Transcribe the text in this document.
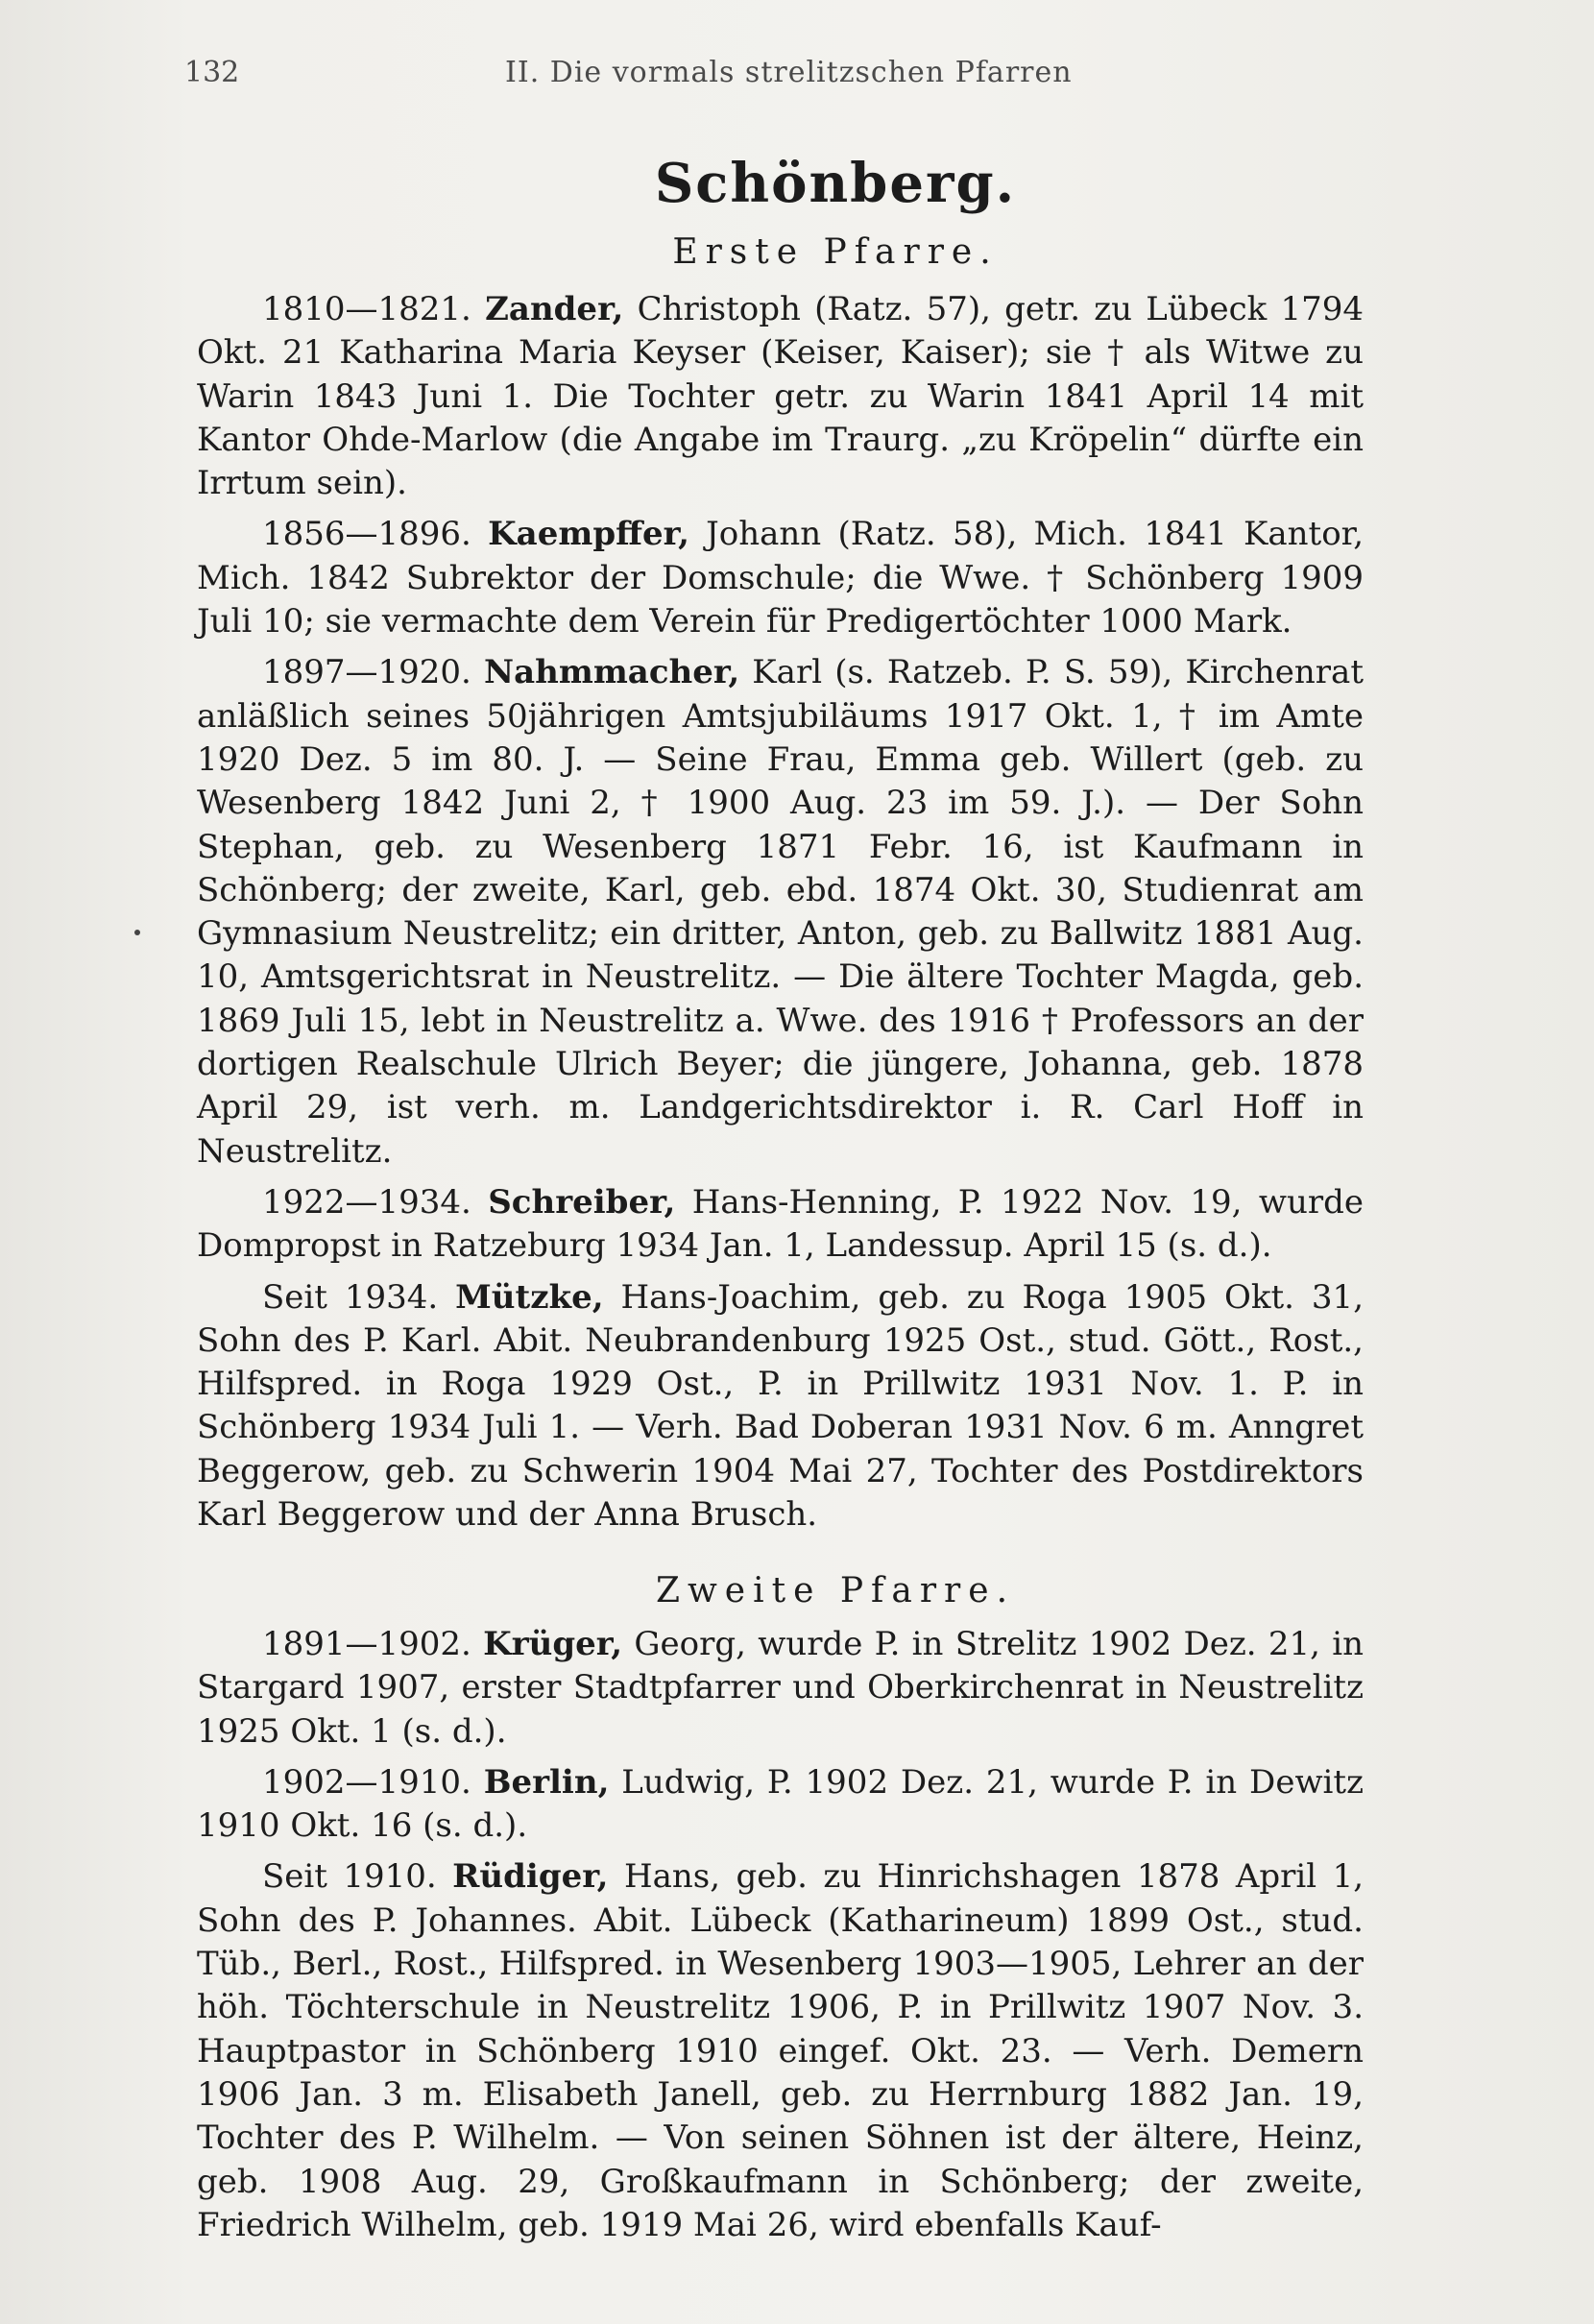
132	II. Die vormals strelitzschen Pfarren
Schönberg.
Erste Pfarre.

1810—1821. Zander, Christoph (Ratz. 57), getr. zu Lübeck 1794 Okt. 21 Katharina Maria Keyser (Keiser, Kaiser); sie † als Witwe zu Warin 1843 Juni 1. Die Tochter getr. zu Warin 1841 April 14 mit Kantor Ohde-Marlow (die Angabe im Traurg. „zu Kröpelin“ dürfte ein Irrtum sein).

1856—1896. Kaempffer, Johann (Ratz. 58), Mich. 1841 Kantor, Mich. 1842 Subrektor der Domschule; die Wwe. † Schönberg 1909 Juli 10; sie vermachte dem Verein für Predigertöchter 1000 Mark.

1897—1920. Nahmmacher, Karl (s. Ratzeb. P. S. 59), Kirchenrat anläßlich seines 50jährigen Amtsjubiläums 1917 Okt. 1, † im Amte 1920 Dez. 5 im 80. J. — Seine Frau, Emma geb. Willert (geb. zu Wesenberg 1842 Juni 2, † 1900 Aug. 23 im 59. J.). — Der Sohn Stephan, geb. zu Wesenberg 1871 Febr. 16, ist Kaufmann in Schönberg; der zweite, Karl, geb. ebd. 1874 Okt. 30, Studienrat am Gymnasium Neustrelitz; ein dritter, Anton, geb. zu Ballwitz 1881 Aug. 10, Amtsgerichtsrat in Neustrelitz. — Die ältere Tochter Magda, geb. 1869 Juli 15, lebt in Neustrelitz a. Wwe. des 1916 † Professors an der dortigen Realschule Ulrich Beyer; die jüngere, Johanna, geb. 1878 April 29, ist verh. m. Landgerichtsdirektor i. R. Carl Hoff in Neustrelitz.

1922—1934. Schreiber, Hans-Henning, P. 1922 Nov. 19, wurde Dompropst in Ratzeburg 1934 Jan. 1, Landessup. April 15 (s. d.).

Seit 1934. Mützke, Hans-Joachim, geb. zu Roga 1905 Okt. 31, Sohn des P. Karl. Abit. Neubrandenburg 1925 Ost., stud. Gött., Rost., Hilfspred. in Roga 1929 Ost., P. in Prillwitz 1931 Nov. 1. P. in Schönberg 1934 Juli 1. — Verh. Bad Doberan 1931 Nov. 6 m. Anngret Beggerow, geb. zu Schwerin 1904 Mai 27, Tochter des Postdirektors Karl Beggerow und der Anna Brusch.

Zweite Pfarre.

1891—1902. Krüger, Georg, wurde P. in Strelitz 1902 Dez. 21, in Stargard 1907, erster Stadtpfarrer und Oberkirchenrat in Neustrelitz 1925 Okt. 1 (s. d.).

1902—1910. Berlin, Ludwig, P. 1902 Dez. 21, wurde P. in Dewitz 1910 Okt. 16 (s. d.).

Seit 1910. Rüdiger, Hans, geb. zu Hinrichshagen 1878 April 1, Sohn des P. Johannes. Abit. Lübeck (Katharineum) 1899 Ost., stud. Tüb., Berl., Rost., Hilfspred. in Wesenberg 1903—1905, Lehrer an der höh. Töchterschule in Neustrelitz 1906, P. in Prillwitz 1907 Nov. 3. Hauptpastor in Schönberg 1910 eingef. Okt. 23. — Verh. Demern 1906 Jan. 3 m. Elisabeth Janell, geb. zu Herrnburg 1882 Jan. 19, Tochter des P. Wilhelm. — Von seinen Söhnen ist der ältere, Heinz, geb. 1908 Aug. 29, Großkaufmann in Schönberg; der zweite, Friedrich Wilhelm, geb. 1919 Mai 26, wird ebenfalls Kauf-
